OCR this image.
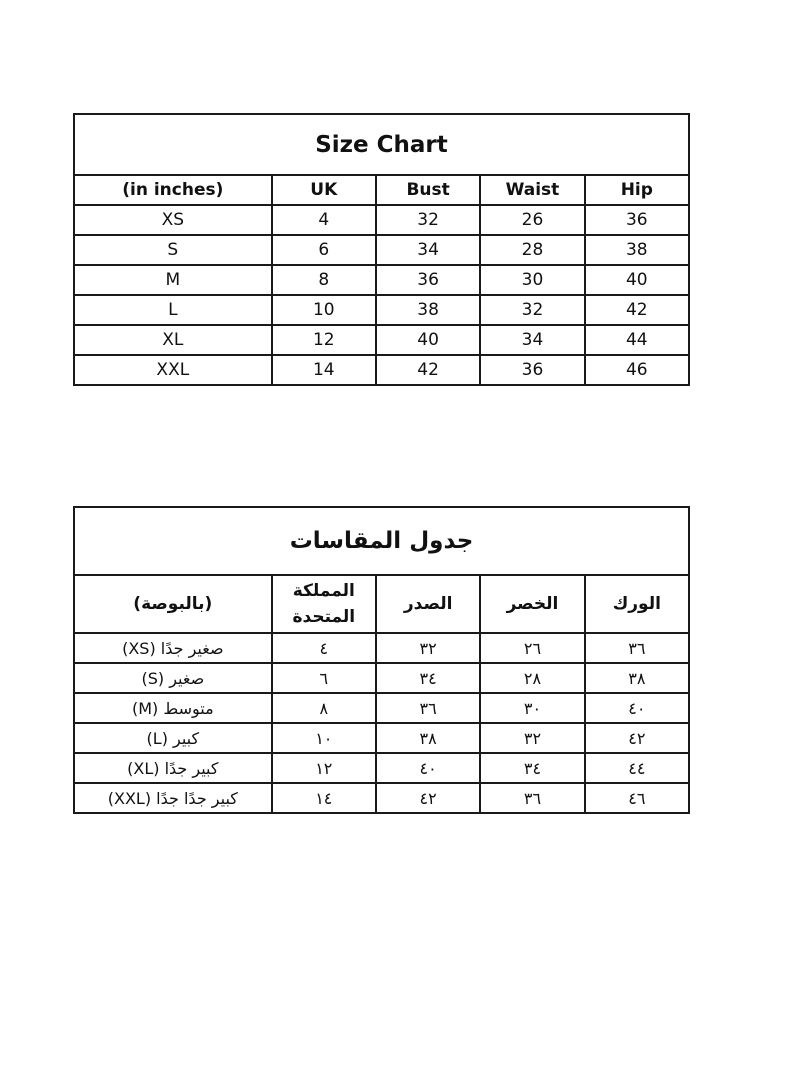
Size Chart				
(in inches)	UK	Bust	Waist	Hip
XS	4	32	26	36
S	6	34	28	38
M	8	36	30	40
L	10	38	32	42
XL	12	40	34	44
XXL	14	42	36	46
جدول المقاسات				
(بالبوصة)	المملكة المتحدة	الصدر	الخصر	الورك
صغير جدًا (XS)	٤	٣٢	٢٦	٣٦
صغير (S)	٦	٣٤	٢٨	٣٨
متوسط (M)	٨	٣٦	٣٠	٤٠
كبير (L)	١٠	٣٨	٣٢	٤٢
كبير جدًا (XL)	١٢	٤٠	٣٤	٤٤
كبير جدًا جدًا (XXL)	١٤	٤٢	٣٦	٤٦
